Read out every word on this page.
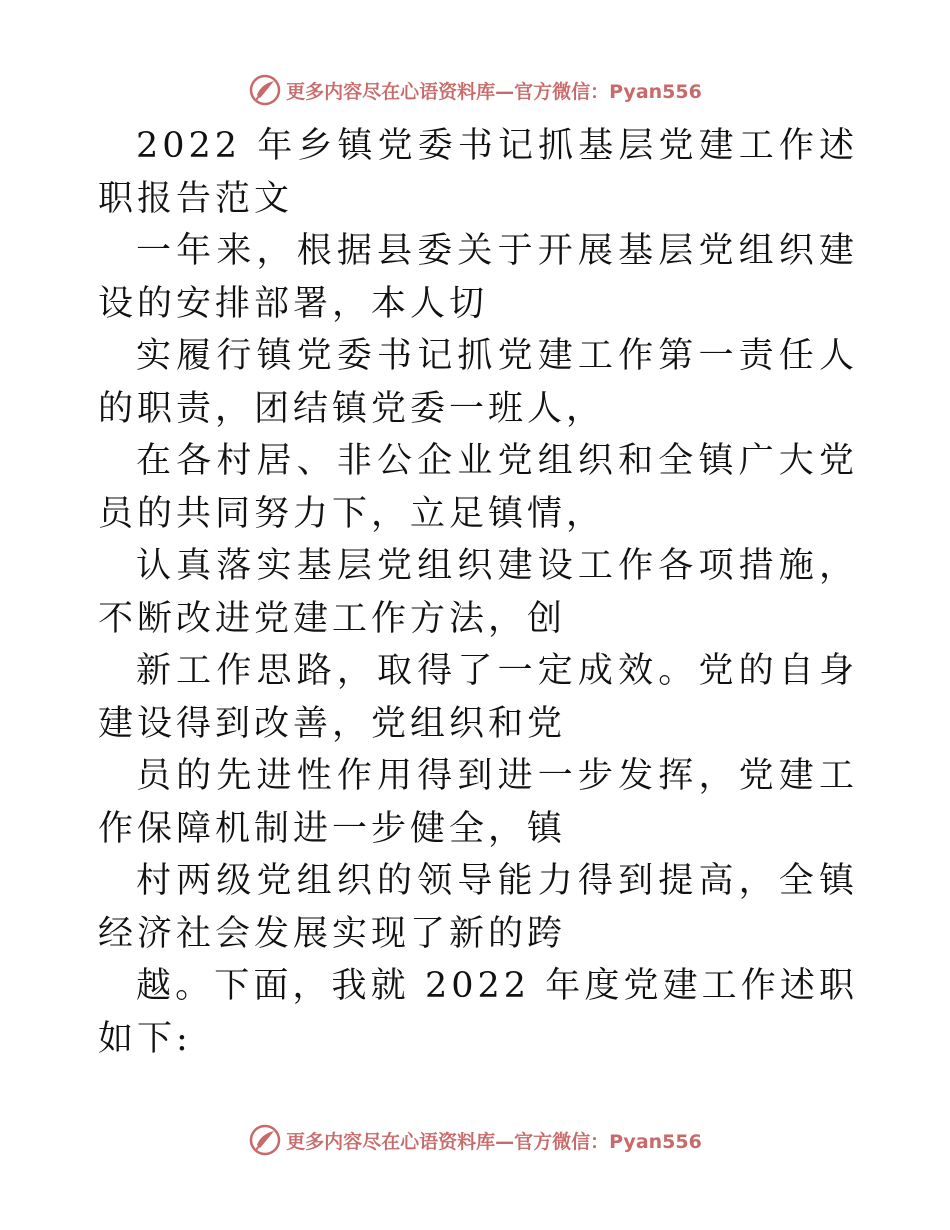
更多内容尽在心语资料库—官方微信：Pyan556

2022 年乡镇党委书记抓基层党建工作述职报告范文

一年来，根据县委关于开展基层党组织建设的安排部署，本人切

实履行镇党委书记抓党建工作第一责任人的职责，团结镇党委一班人，

在各村居、非公企业党组织和全镇广大党员的共同努力下，立足镇情，

认真落实基层党组织建设工作各项措施，不断改进党建工作方法，创

新工作思路，取得了一定成效。党的自身建设得到改善，党组织和党

员的先进性作用得到进一步发挥，党建工作保障机制进一步健全，镇

村两级党组织的领导能力得到提高，全镇经济社会发展实现了新的跨

越。下面，我就 2022 年度党建工作述职如下:

更多内容尽在心语资料库—官方微信：Pyan556
